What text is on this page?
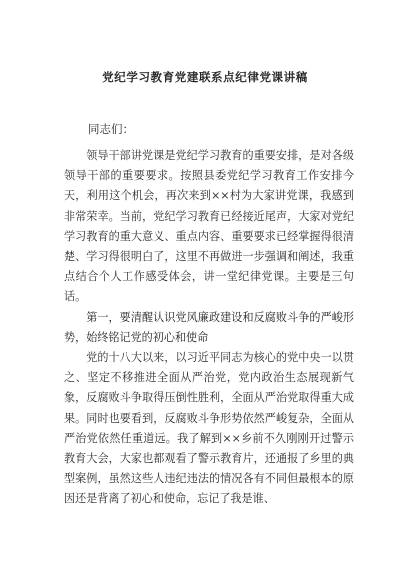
党纪学习教育党建联系点纪律党课讲稿
同志们：

领导干部讲党课是党纪学习教育的重要安排，是对各级领导干部的重要要求。按照县委党纪学习教育工作安排今天，利用这个机会，再次来到××村为大家讲党课，我感到非常荣幸。当前，党纪学习教育已经接近尾声，大家对党纪学习教育的重大意义、重点内容、重要要求已经掌握得很清楚、学习得很明白了，这里不再做进一步强调和阐述，我重点结合个人工作感受体会，讲一堂纪律党课。主要是三句话。

第一，要清醒认识党风廉政建设和反腐败斗争的严峻形势，始终铭记党的初心和使命

党的十八大以来，以习近平同志为核心的党中央一以贯之、坚定不移推进全面从严治党，党内政治生态展现新气象，反腐败斗争取得压倒性胜利，全面从严治党取得重大成果。同时也要看到，反腐败斗争形势依然严峻复杂，全面从严治党依然任重道远。我了解到××乡前不久刚刚开过警示教育大会，大家也都观看了警示教育片，还通报了乡里的典型案例，虽然这些人违纪违法的情况各有不同但最根本的原因还是背离了初心和使命，忘记了我是谁、
